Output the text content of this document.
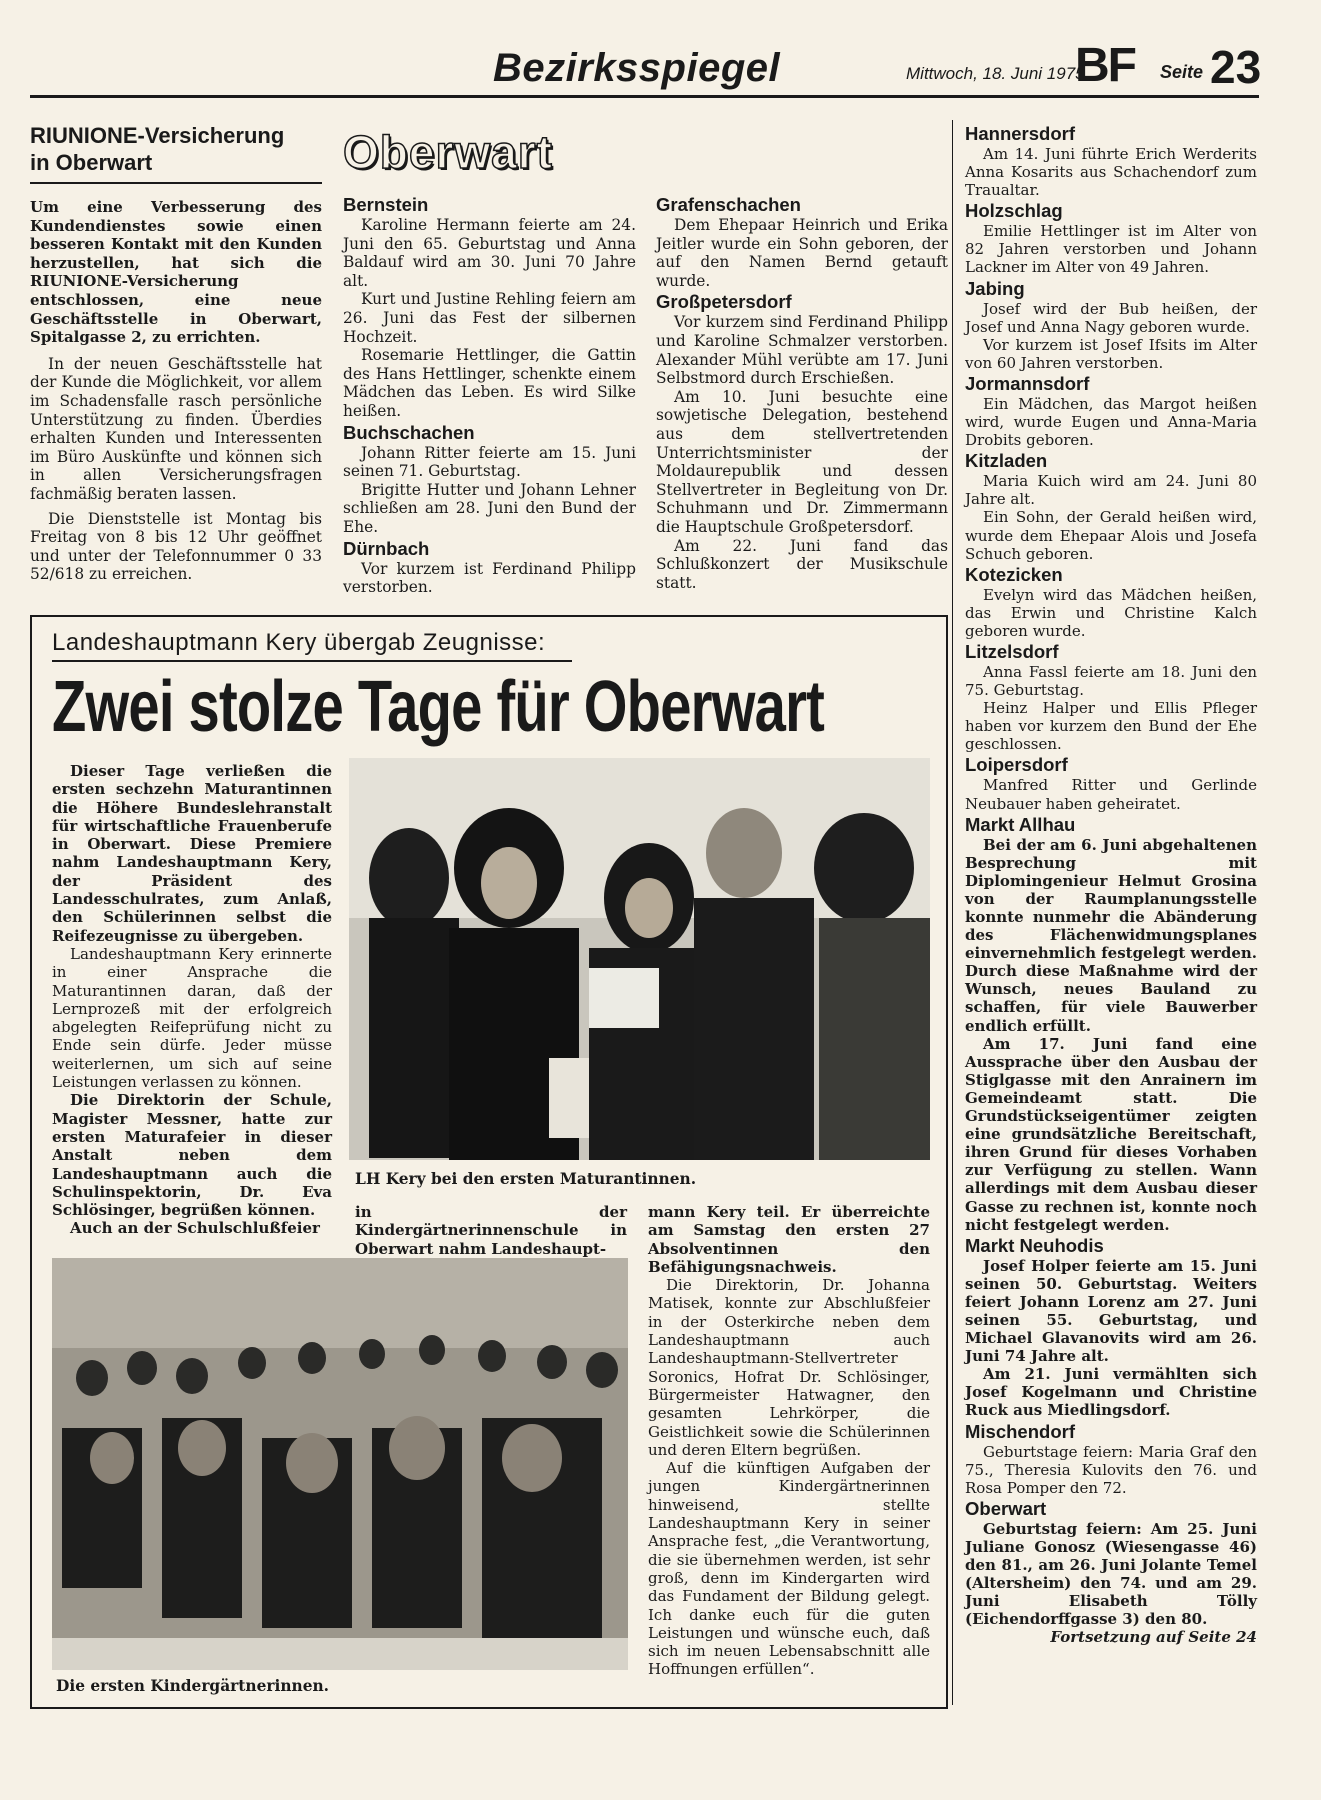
Bezirksspiegel	Mittwoch, 18. Juni 1975
BF Seite 23
RIUNIONE-Versicherung
in Oberwart

Um eine Verbesserung des Kundendienstes sowie einen besseren Kontakt mit den Kunden herzustellen, hat sich die RIUNIONE-Versicherung entschlossen, eine neue Geschäftsstelle in Oberwart, Spitalgasse 2, zu errichten.

In der neuen Geschäftsstelle hat der Kunde die Möglichkeit, vor allem im Schadensfalle rasch persönliche Unterstützung zu finden. Überdies erhalten Kunden und Interessenten im Büro Auskünfte und können sich in allen Versicherungsfragen fachmäßig beraten lassen.

Die Dienststelle ist Montag bis Freitag von 8 bis 12 Uhr geöffnet und unter der Telefonnummer 0 33 52/618 zu erreichen.

Oberwart
Bernstein

Karoline Hermann feierte am 24. Juni den 65. Geburtstag und Anna Baldauf wird am 30. Juni 70 Jahre alt.

Kurt und Justine Rehling feiern am 26. Juni das Fest der silbernen Hochzeit.

Rosemarie Hettlinger, die Gattin des Hans Hettlinger, schenkte einem Mädchen das Leben. Es wird Silke heißen.

Buchschachen

Johann Ritter feierte am 15. Juni seinen 71. Geburtstag.

Brigitte Hutter und Johann Lehner schließen am 28. Juni den Bund der Ehe.

Dürnbach

Vor kurzem ist Ferdinand Philipp verstorben.

Grafenschachen

Dem Ehepaar Heinrich und Erika Jeitler wurde ein Sohn geboren, der auf den Namen Bernd getauft wurde.

Großpetersdorf

Vor kurzem sind Ferdinand Philipp und Karoline Schmalzer verstorben. Alexander Mühl verübte am 17. Juni Selbstmord durch Erschießen.

Am 10. Juni besuchte eine sowjetische Delegation, bestehend aus dem stellvertretenden Unterrichtsminister der Moldaurepublik und dessen Stellvertreter in Begleitung von Dr. Schuhmann und Dr. Zimmermann die Hauptschule Großpetersdorf.

Am 22. Juni fand das Schlußkonzert der Musikschule statt.

Hannersdorf

Am 14. Juni führte Erich Werderits Anna Kosarits aus Schachendorf zum Traualtar.

Holzschlag

Emilie Hettlinger ist im Alter von 82 Jahren verstorben und Johann Lackner im Alter von 49 Jahren.

Jabing

Josef wird der Bub heißen, der Josef und Anna Nagy geboren wurde.

Vor kurzem ist Josef Ifsits im Alter von 60 Jahren verstorben.

Jormannsdorf

Ein Mädchen, das Margot heißen wird, wurde Eugen und Anna-Maria Drobits geboren.

Kitzladen

Maria Kuich wird am 24. Juni 80 Jahre alt.

Ein Sohn, der Gerald heißen wird, wurde dem Ehepaar Alois und Josefa Schuch geboren.

Kotezicken

Evelyn wird das Mädchen heißen, das Erwin und Christine Kalch geboren wurde.

Litzelsdorf

Anna Fassl feierte am 18. Juni den 75. Geburtstag.

Heinz Halper und Ellis Pfleger haben vor kurzem den Bund der Ehe geschlossen.

Loipersdorf

Manfred Ritter und Gerlinde Neubauer haben geheiratet.

Markt Allhau

Bei der am 6. Juni abgehaltenen Besprechung mit Diplomingenieur Helmut Grosina von der Raumplanungsstelle konnte nunmehr die Abänderung des Flächenwidmungsplanes einvernehmlich festgelegt werden. Durch diese Maßnahme wird der Wunsch, neues Bauland zu schaffen, für viele Bauwerber endlich erfüllt.

Am 17. Juni fand eine Aussprache über den Ausbau der Stiglgasse mit den Anrainern im Gemeindeamt statt. Die Grundstückseigentümer zeigten eine grundsätzliche Bereitschaft, ihren Grund für dieses Vorhaben zur Verfügung zu stellen. Wann allerdings mit dem Ausbau dieser Gasse zu rechnen ist, konnte noch nicht festgelegt werden.

Markt Neuhodis

Josef Holper feierte am 15. Juni seinen 50. Geburtstag. Weiters feiert Johann Lorenz am 27. Juni seinen 55. Geburtstag, und Michael Glavanovits wird am 26. Juni 74 Jahre alt.

Am 21. Juni vermählten sich Josef Kogelmann und Christine Ruck aus Miedlingsdorf.

Mischendorf

Geburtstage feiern: Maria Graf den 75., Theresia Kulovits den 76. und Rosa Pomper den 72.

Oberwart

Geburtstag feiern: Am 25. Juni Juliane Gonosz (Wiesengasse 46) den 81., am 26. Juni Jolante Temel (Altersheim) den 74. und am 29. Juni Elisabeth Tölly (Eichendorffgasse 3) den 80.

Fortsetzung auf Seite 24
Landeshauptmann Kery übergab Zeugnisse:
Zwei stolze Tage für Oberwart

Dieser Tage verließen die ersten sechzehn Maturantinnen die Höhere Bundeslehranstalt für wirtschaftliche Frauenberufe in Oberwart. Diese Premiere nahm Landeshauptmann Kery, der Präsident des Landesschulrates, zum Anlaß, den Schülerinnen selbst die Reifezeugnisse zu übergeben.

Landeshauptmann Kery erinnerte in einer Ansprache die Maturantinnen daran, daß der Lernprozeß mit der erfolgreich abgelegten Reifeprüfung nicht zu Ende sein dürfe. Jeder müsse weiterlernen, um sich auf seine Leistungen verlassen zu können.

Die Direktorin der Schule, Magister Messner, hatte zur ersten Maturafeier in dieser Anstalt neben dem Landeshauptmann auch die Schulinspektorin, Dr. Eva Schlösinger, begrüßen können.

Auch an der Schulschlußfeier

LH Kery bei den ersten Maturantinnen.

in der Kindergärtnerinnenschule in Oberwart nahm Landeshaupt-

mann Kery teil. Er überreichte am Samstag den ersten 27 Absolventinnen den Befähigungsnachweis.

Die Direktorin, Dr. Johanna Matisek, konnte zur Abschlußfeier in der Osterkirche neben dem Landeshauptmann auch Landeshauptmann-Stellvertreter Soronics, Hofrat Dr. Schlösinger, Bürgermeister Hatwagner, den gesamten Lehrkörper, die Geistlichkeit sowie die Schülerinnen und deren Eltern begrüßen.

Auf die künftigen Aufgaben der jungen Kindergärtnerinnen hinweisend, stellte Landeshauptmann Kery in seiner Ansprache fest, „die Verantwortung, die sie übernehmen werden, ist sehr groß, denn im Kindergarten wird das Fundament der Bildung gelegt. Ich danke euch für die guten Leistungen und wünsche euch, daß sich im neuen Lebensabschnitt alle Hoffnungen erfüllen“.

Die ersten Kindergärtnerinnen.
